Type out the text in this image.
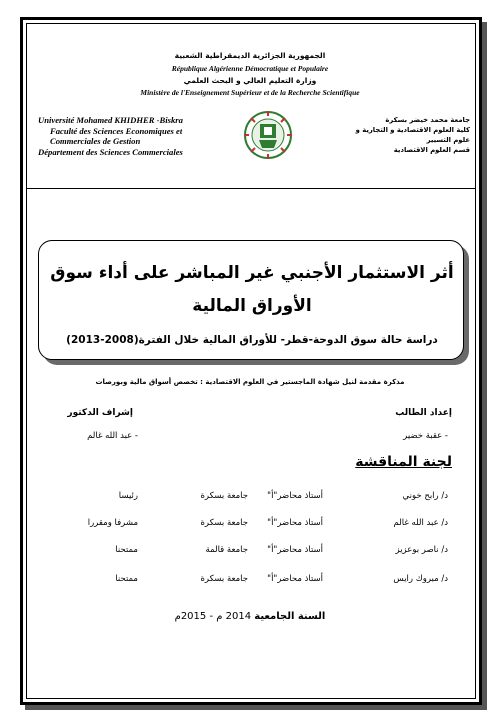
الجمهورية الجزائرية الديمقراطية الشعبية
République Algérienne Démocratique et Populaire
وزارة التعليم العالي و البحث العلمي
Ministère de l'Enseignement Supérieur et de la Recherche Scientifique
Université Mohamed KHIDHER -Biskra
Faculté des Sciences Economiques et
Commerciales de Gestion
Département des Sciences Commerciales
جامعة محمد خيضر بسكرة
كلية العلوم الاقتصادية و التجارية و علوم التسيير
قسم العلوم الاقتصادية
أثر الاستثمار الأجنبي غير المباشر على أداء سوق
الأوراق المالية
دراسة حالة سوق الدوحة-قطر- للأوراق المالية خلال الفترة(2008-2013)
مذكرة مقدمة لنيل شهادة الماجستير في العلوم الاقتصادية : تخصص أسواق مالية وبورصات
إعداد الطالب
- عقبة خضير
إشراف الدكتور
- عبد الله غالم
لجنة المناقشة
د/ رابح خوني
أستاذ محاضر"أ"
جامعة بسكرة
رئيسا
د/ عبد الله غالم
أستاذ محاضر"أ"
جامعة بسكرة
مشرفا ومقررا
د/ ناصر بوعزيز
أستاذ محاضر"أ"
جامعة قالمة
ممتحنا
د/ مبروك رايس
أستاذ محاضر"أ"
جامعة بسكرة
ممتحنا
السنة الجامعية 2014 م - 2015م
